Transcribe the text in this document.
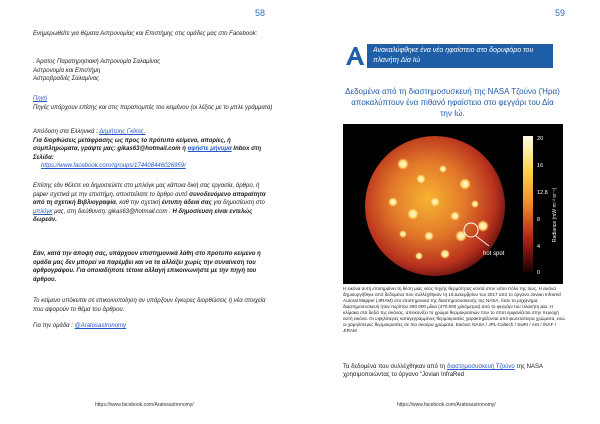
58

Ενημερωθείτε για θέματα Αστρονομίας και Επιστήμης στις ομάδες μας στο Facebook:

. Άρατος Παρατηρησιακή Αστρονομία Σαλαμίνας

Αστρονομία και Επιστήμη

Αστροβραδιές Σαλαμίνας

Πηγή

Πηγές υπάρχουν επίσης και στις παραπομπές του κειμένου (οι λέξεις με το μπλε γράμματα)

Απόδοση στα Ελληνικά : Δημήτρης Γκίκας.

Για διορθώσεις μετάφρασης ως προς το πρότυπο κείμενο, απορίες, ή συμπληρώματα, γράψτε μας: gikas63@hotmail.com ή αφήστε μήνυμα Inbox στη Σελίδα:

https://www.facebook.com//groups/174408446026959/

Επίσης εάν θέλετε να δημοσιεύετε στο μπλόγκ μας κάποια δική σας εργασία, άρθρο, ή paper σχετικά με την επιστήμη, αποστείλατε το άρθρο αυτό συνοδευόμενο απαραίτητα από τη σχετική Βιβλιογραφία, καθ την σχετική έντυπη άδεια σας για δημοσίευση στο μπλόγκ μας, στη διεύθυνση: gikas63@hotmail.com . Η δημοσίευση είναι εντελώς δωρεάν.

Εάν, κατά την άποψή σας, υπάρχουν επιστημονικά λάθη στο πρότυπο κείμενο η ομάδα μας δεν μπορεί να παρέμβει και να τα αλλάξει χωρίς την συναίνεση του αρθρογράφου. Για οποιαδήποτε τέτοια αλλαγή επικοινωνήστε με την πηγή του άρθρου.
Το κείμενο υπόκειται σε επικοινοποίηση αν υπάρξουν έγκυρες διορθώσεις ή νέα στοιχεία που αφορούν το θέμα του άρθρου.

Για την ομάδα : @Aratosastronomy

https://www.facebook.com/Aratosastronomy/
59
A
Ανακαλύφθηκε ένα νέο ηφαίστειο στο δορυφόρο του πλανήτη Δία Ιώ
Δεδομένα από τη διαστημοσυσκευή της NASA Τζούνο (Ήρα) αποκαλύπτουν ένα πιθανό ηφαίστειο στο φεγγάρι του Δία την Ιώ.
hot spot
20
16
12.8
8
4
0
Radiance (mW m⁻² sr⁻¹)
Η εικόνα αυτή επισημαίνει τη θέση μιας νέας πηγής θερμότητας κοντά στον νότιο πόλο της Ιούς. Η εικόνα δημιουργήθηκε από δεδομένα που συλλέχθηκαν τη 16 Δεκεμβρίου του 2017 από το όργανο Jovian Infrared Auroral Mapper (JIRAM) στο επιστημονικό της διαστημοσυσκευής της NASA, όταν το μηχάνημα διαστημοσυσκευή ήταν περίπου 290.000 μίλια (470.000 χιλιόμετρα) από το φεγγάρι του πλανήτη Δία. Η κλίμακα στα δεξιά της εικόνας, απεικονίζει το χρώμα θερμοκρασιών που το σποτ εμφανίζεται στην περιοχή αυτή εικόνα. Οι υψηλότερες καταγεγραμμένες θερμοκρασίες χαρακτηρίζονται από φωτεινότερα χρώματα, ενώ οι χαμηλότερες θερμοκρασίες σε πιο σκούρα χρώματα. Εικόνα: NASA / JPL-Caltech / SwRI / ASI / INAF / JIRAM
Τα δεδομένα που συλλέχθηκαν από τη διαστημοσυσκευή Τζούνο της NASA χρησιμοποιώντας το όργανο "Jovian InfraRed
https://www.facebook.com/Aratosastronomy/
